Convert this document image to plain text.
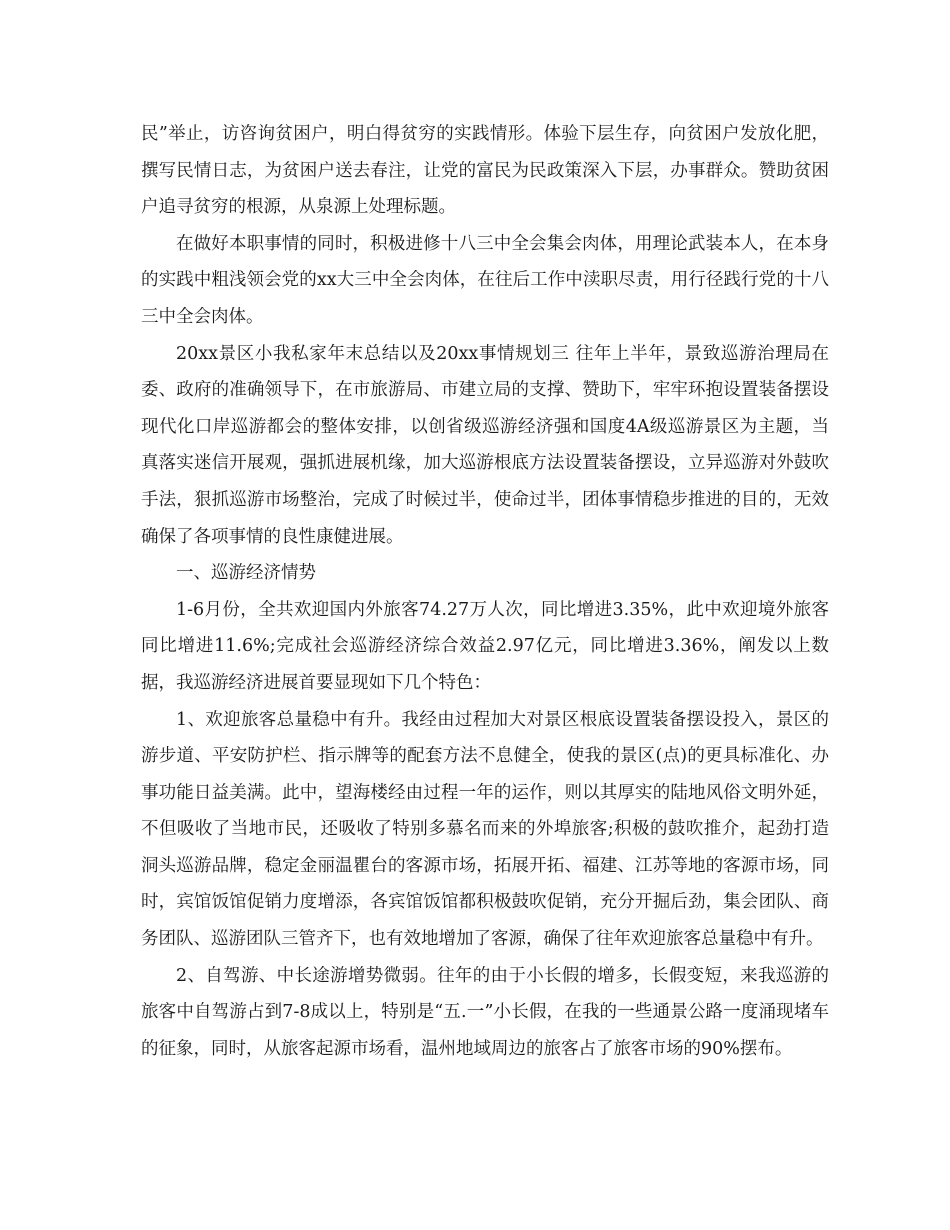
民”举止，访咨询贫困户，明白得贫穷的实践情形。体验下层生存，向贫困户发放化肥，撰写民情日志，为贫困户送去春注，让党的富民为民政策深入下层，办事群众。赞助贫困户追寻贫穷的根源，从泉源上处理标题。

在做好本职事情的同时，积极进修十八三中全会集会肉体，用理论武装本人，在本身的实践中粗浅领会党的xx大三中全会肉体，在往后工作中渎职尽责，用行径践行党的十八三中全会肉体。

20xx景区小我私家年末总结以及20xx事情规划三 往年上半年，景致巡游治理局在委、政府的准确领导下，在市旅游局、市建立局的支撑、赞助下，牢牢环抱设置装备摆设现代化口岸巡游都会的整体安排，以创省级巡游经济强和国度4A级巡游景区为主题，当真落实迷信开展观，强抓进展机缘，加大巡游根底方法设置装备摆设，立异巡游对外鼓吹手法，狠抓巡游市场整治，完成了时候过半，使命过半，团体事情稳步推进的目的，无效确保了各项事情的良性康健进展。

一、巡游经济情势

1-6月份，全共欢迎国内外旅客74.27万人次，同比增进3.35%，此中欢迎境外旅客同比增进11.6%;完成社会巡游经济综合效益2.97亿元，同比增进3.36%，阐发以上数据，我巡游经济进展首要显现如下几个特色：

1、欢迎旅客总量稳中有升。我经由过程加大对景区根底设置装备摆设投入，景区的游步道、平安防护栏、指示牌等的配套方法不息健全，使我的景区(点)的更具标准化、办事功能日益美满。此中，望海楼经由过程一年的运作，则以其厚实的陆地风俗文明外延，不但吸收了当地市民，还吸收了特别多慕名而来的外埠旅客;积极的鼓吹推介，起劲打造洞头巡游品牌，稳定金丽温瞿台的客源市场，拓展开拓、福建、江苏等地的客源市场，同时，宾馆饭馆促销力度增添，各宾馆饭馆都积极鼓吹促销，充分开掘后劲，集会团队、商务团队、巡游团队三管齐下，也有效地增加了客源，确保了往年欢迎旅客总量稳中有升。

2、自驾游、中长途游增势微弱。往年的由于小长假的增多，长假变短，来我巡游的旅客中自驾游占到7-8成以上，特别是“五.一”小长假，在我的一些通景公路一度涌现堵车的征象，同时，从旅客起源市场看，温州地域周边的旅客占了旅客市场的90%摆布。
